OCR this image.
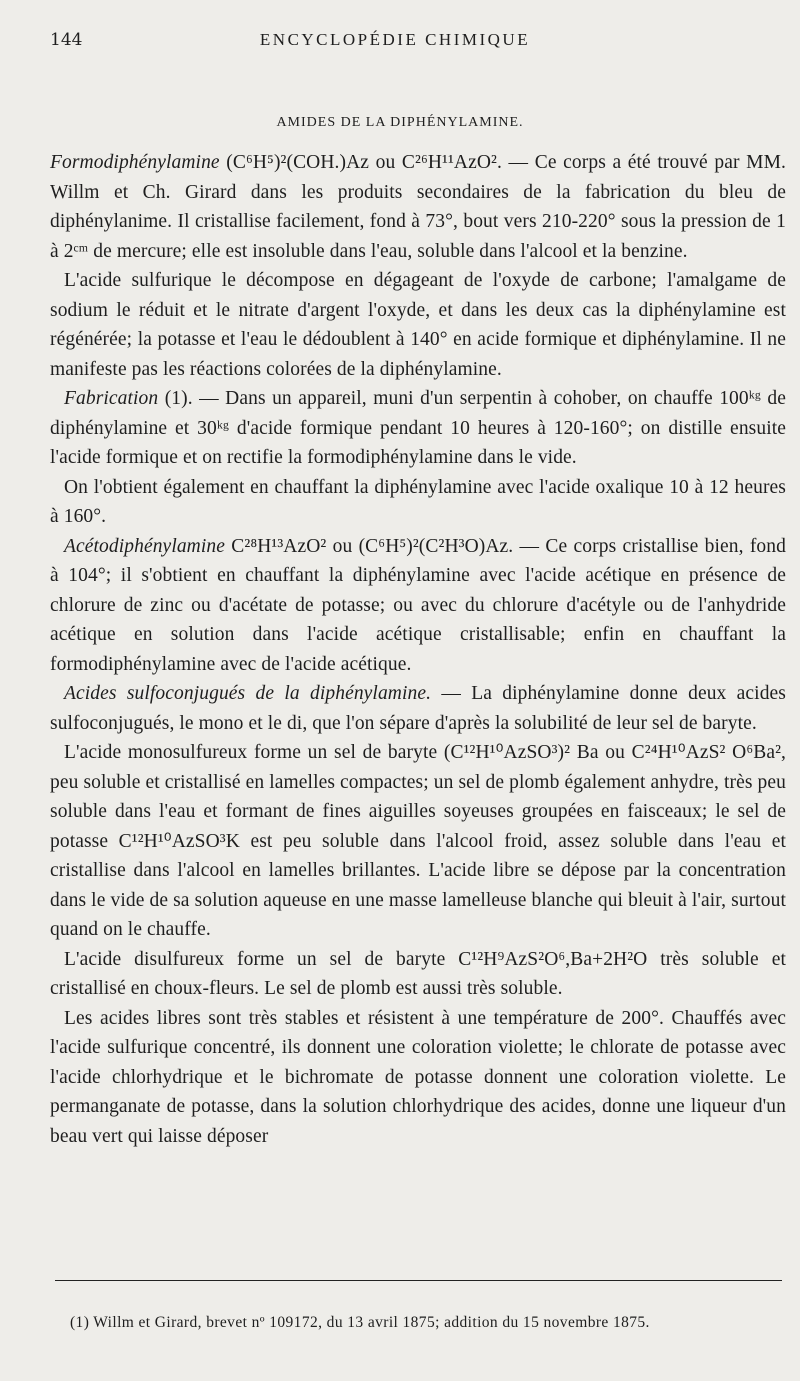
144	ENCYCLOPÉDIE CHIMIQUE
AMIDES DE LA DIPHÉNYLAMINE.

Formodiphénylamine (C⁶H⁵)²(COH.)Az ou C²⁶H¹¹AzO². — Ce corps a été trouvé par MM. Willm et Ch. Girard dans les produits secondaires de la fabrication du bleu de diphénylanime. Il cristallise facilement, fond à 73°, bout vers 210-220° sous la pression de 1 à 2ᶜᵐ de mercure; elle est insoluble dans l'eau, soluble dans l'alcool et la benzine.

L'acide sulfurique le décompose en dégageant de l'oxyde de carbone; l'amalgame de sodium le réduit et le nitrate d'argent l'oxyde, et dans les deux cas la diphénylamine est régénérée; la potasse et l'eau le dédoublent à 140° en acide formique et diphénylamine. Il ne manifeste pas les réactions colorées de la diphénylamine.

Fabrication (1). — Dans un appareil, muni d'un serpentin à cohober, on chauffe 100ᵏᵍ de diphénylamine et 30ᵏᵍ d'acide formique pendant 10 heures à 120-160°; on distille ensuite l'acide formique et on rectifie la formodiphénylamine dans le vide.

On l'obtient également en chauffant la diphénylamine avec l'acide oxalique 10 à 12 heures à 160°.

Acétodiphénylamine C²⁸H¹³AzO² ou (C⁶H⁵)²(C²H³O)Az. — Ce corps cristallise bien, fond à 104°; il s'obtient en chauffant la diphénylamine avec l'acide acétique en présence de chlorure de zinc ou d'acétate de potasse; ou avec du chlorure d'acétyle ou de l'anhydride acétique en solution dans l'acide acétique cristallisable; enfin en chauffant la formodiphénylamine avec de l'acide acétique.

Acides sulfoconjugués de la diphénylamine. — La diphénylamine donne deux acides sulfoconjugués, le mono et le di, que l'on sépare d'après la solubilité de leur sel de baryte.

L'acide monosulfureux forme un sel de baryte (C¹²H¹⁰AzSO³)² Ba ou C²⁴H¹⁰AzS² O⁶Ba², peu soluble et cristallisé en lamelles compactes; un sel de plomb également anhydre, très peu soluble dans l'eau et formant de fines aiguilles soyeuses groupées en faisceaux; le sel de potasse C¹²H¹⁰AzSO³K est peu soluble dans l'alcool froid, assez soluble dans l'eau et cristallise dans l'alcool en lamelles brillantes. L'acide libre se dépose par la concentration dans le vide de sa solution aqueuse en une masse lamelleuse blanche qui bleuit à l'air, surtout quand on le chauffe.

L'acide disulfureux forme un sel de baryte C¹²H⁹AzS²O⁶,Ba+2H²O très soluble et cristallisé en choux-fleurs. Le sel de plomb est aussi très soluble.

Les acides libres sont très stables et résistent à une température de 200°. Chauffés avec l'acide sulfurique concentré, ils donnent une coloration violette; le chlorate de potasse avec l'acide chlorhydrique et le bichromate de potasse donnent une coloration violette. Le permanganate de potasse, dans la solution chlorhydrique des acides, donne une liqueur d'un beau vert qui laisse déposer

(1) Willm et Girard, brevet nº 109172, du 13 avril 1875; addition du 15 novembre 1875.
